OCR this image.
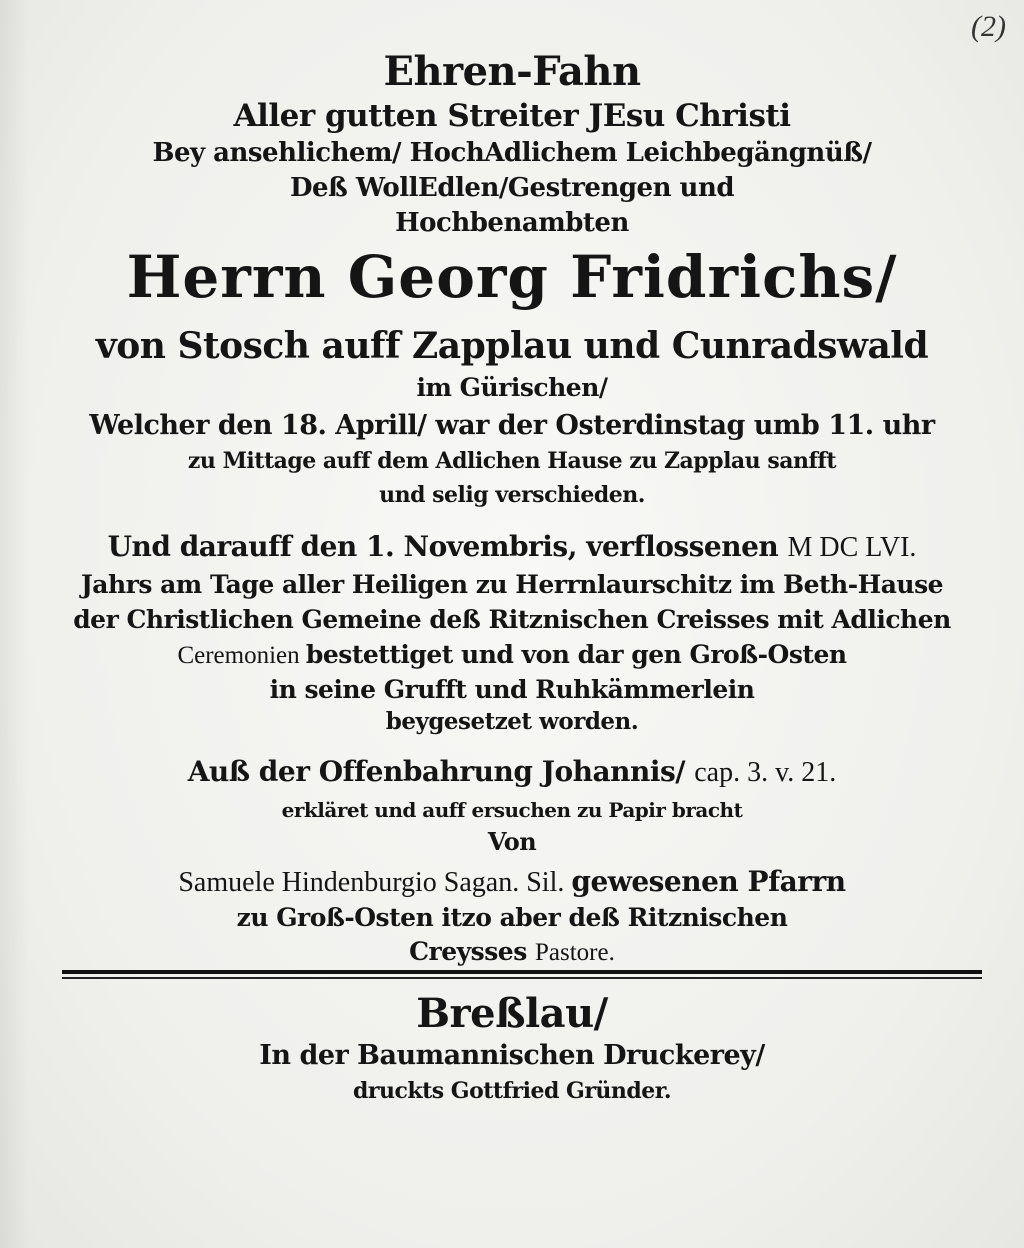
(2)
Ehren-Fahn
Aller gutten Streiter JEsu Christi
Bey ansehlichem/ HochAdlichem Leichbegängnüß/
Deß WollEdlen/Gestrengen und
Hochbenambten
Herrn Georg Fridrichs/
von Stosch auff Zapplau und Cunradswald
im Gürischen/
Welcher den 18. Aprill/ war der Osterdinstag umb 11. uhr
zu Mittage auff dem Adlichen Hause zu Zapplau sanfft
und selig verschieden.
Und darauff den 1. Novembris, verflossenen M DC LVI.
Jahrs am Tage aller Heiligen zu Herrnlaurschitz im Beth-Hause
der Christlichen Gemeine deß Ritznischen Creisses mit Adlichen
Ceremonien bestettiget und von dar gen Groß-Osten
in seine Grufft und Ruhkämmerlein
beygesetzet worden.
Auß der Offenbahrung Johannis/ cap. 3. v. 21.
erkläret und auff ersuchen zu Papir bracht
Von
Samuele Hindenburgio Sagan. Sil. gewesenen Pfarrn
zu Groß-Osten itzo aber deß Ritznischen
Creysses Pastore.
Breßlau/
In der Baumannischen Druckerey/
druckts Gottfried Gründer.
